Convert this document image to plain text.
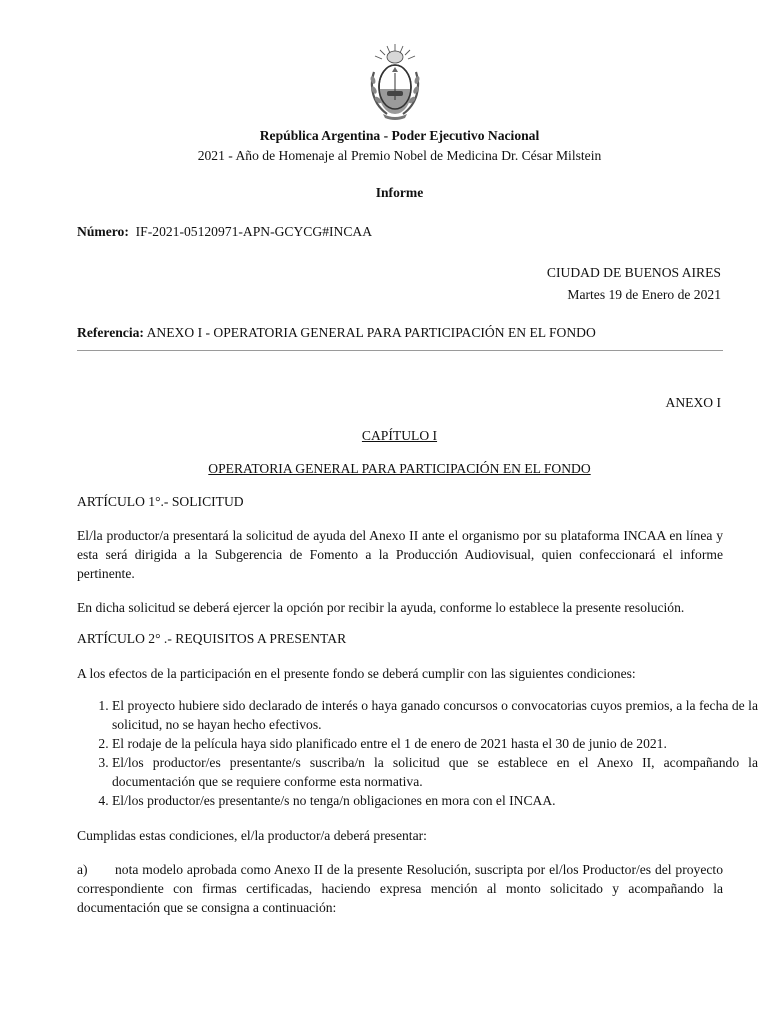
República Argentina - Poder Ejecutivo Nacional
2021 - Año de Homenaje al Premio Nobel de Medicina Dr. César Milstein
Informe
Número: IF-2021-05120971-APN-GCYCG#INCAA
CIUDAD DE BUENOS AIRES
Martes 19 de Enero de 2021
Referencia: ANEXO I - OPERATORIA GENERAL PARA PARTICIPACIÓN EN EL FONDO
ANEXO I
CAPÍTULO I
OPERATORIA GENERAL PARA PARTICIPACIÓN EN EL FONDO
ARTÍCULO 1°.- SOLICITUD
El/la productor/a presentará la solicitud de ayuda del Anexo II ante el organismo por su plataforma INCAA en línea y esta será dirigida a la Subgerencia de Fomento a la Producción Audiovisual, quien confeccionará el informe pertinente.
En dicha solicitud se deberá ejercer la opción por recibir la ayuda, conforme lo establece la presente resolución.
ARTÍCULO 2° .- REQUISITOS A PRESENTAR
A los efectos de la participación en el presente fondo se deberá cumplir con las siguientes condiciones:
1. El proyecto hubiere sido declarado de interés o haya ganado concursos o convocatorias cuyos premios, a la fecha de la solicitud, no se hayan hecho efectivos.
2. El rodaje de la película haya sido planificado entre el 1 de enero de 2021 hasta el 30 de junio de 2021.
3. El/los productor/es presentante/s suscriba/n la solicitud que se establece en el Anexo II, acompañando la documentación que se requiere conforme esta normativa.
4. El/los productor/es presentante/s no tenga/n obligaciones en mora con el INCAA.
Cumplidas estas condiciones, el/la productor/a deberá presentar:
a) nota modelo aprobada como Anexo II de la presente Resolución, suscripta por el/los Productor/es del proyecto correspondiente con firmas certificadas, haciendo expresa mención al monto solicitado y acompañando la documentación que se consigna a continuación:
